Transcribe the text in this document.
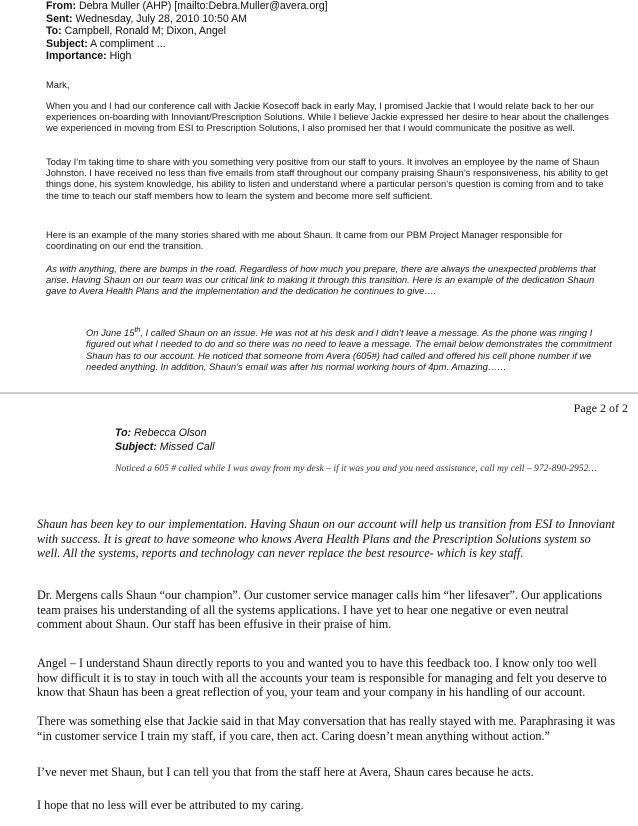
From: Debra Muller (AHP) [mailto:Debra.Muller@avera.org]
Sent: Wednesday, July 28, 2010 10:50 AM
To: Campbell, Ronald M; Dixon, Angel
Subject: A compliment ...
Importance: High

Mark,

When you and I had our conference call with Jackie Kosecoff back in early May, I promised Jackie that I would relate back to her our experiences on-boarding with Innoviant/Prescription Solutions. While I believe Jackie expressed her desire to hear about the challenges we experienced in moving from ESI to Prescription Solutions, I also promised her that I would communicate the positive as well.

Today I’m taking time to share with you something very positive from our staff to yours. It involves an employee by the name of Shaun Johnston. I have received no less than five emails from staff throughout our company praising Shaun’s responsiveness, his ability to get things done, his system knowledge, his ability to listen and understand where a particular person’s question is coming from and to take the time to teach our staff members how to learn the system and become more self sufficient.

Here is an example of the many stories shared with me about Shaun. It came from our PBM Project Manager responsible for coordinating on our end the transition.

As with anything, there are bumps in the road. Regardless of how much you prepare, there are always the unexpected problems that arise. Having Shaun on our team was our critical link to making it through this transition. Here is an example of the dedication Shaun gave to Avera Health Plans and the implementation and the dedication he continues to give….

On June 15th, I called Shaun on an issue. He was not at his desk and I didn’t leave a message. As the phone was ringing I figured out what I needed to do and so there was no need to leave a message. The email below demonstrates the commitment Shaun has to our account. He noticed that someone from Avera (605#) had called and offered his cell phone number if we needed anything. In addition, Shaun’s email was after his normal working hours of 4pm. Amazing……

Page 2 of 2
To: Rebecca Olson
Subject: Missed Call
Noticed a 605 # called while I was away from my desk – if it was you and you need assistance, call my cell – 972-890-2952…

Shaun has been key to our implementation. Having Shaun on our account will help us transition from ESI to Innoviant with success. It is great to have someone who knows Avera Health Plans and the Prescription Solutions system so well. All the systems, reports and technology can never replace the best resource- which is key staff.

Dr. Mergens calls Shaun “our champion”. Our customer service manager calls him “her lifesaver”. Our applications team praises his understanding of all the systems applications. I have yet to hear one negative or even neutral comment about Shaun. Our staff has been effusive in their praise of him.

Angel – I understand Shaun directly reports to you and wanted you to have this feedback too. I know only too well how difficult it is to stay in touch with all the accounts your team is responsible for managing and felt you deserve to know that Shaun has been a great reflection of you, your team and your company in his handling of our account.

There was something else that Jackie said in that May conversation that has really stayed with me. Paraphrasing it was “in customer service I train my staff, if you care, then act. Caring doesn’t mean anything without action.”

I’ve never met Shaun, but I can tell you that from the staff here at Avera, Shaun cares because he acts.

I hope that no less will ever be attributed to my caring.
